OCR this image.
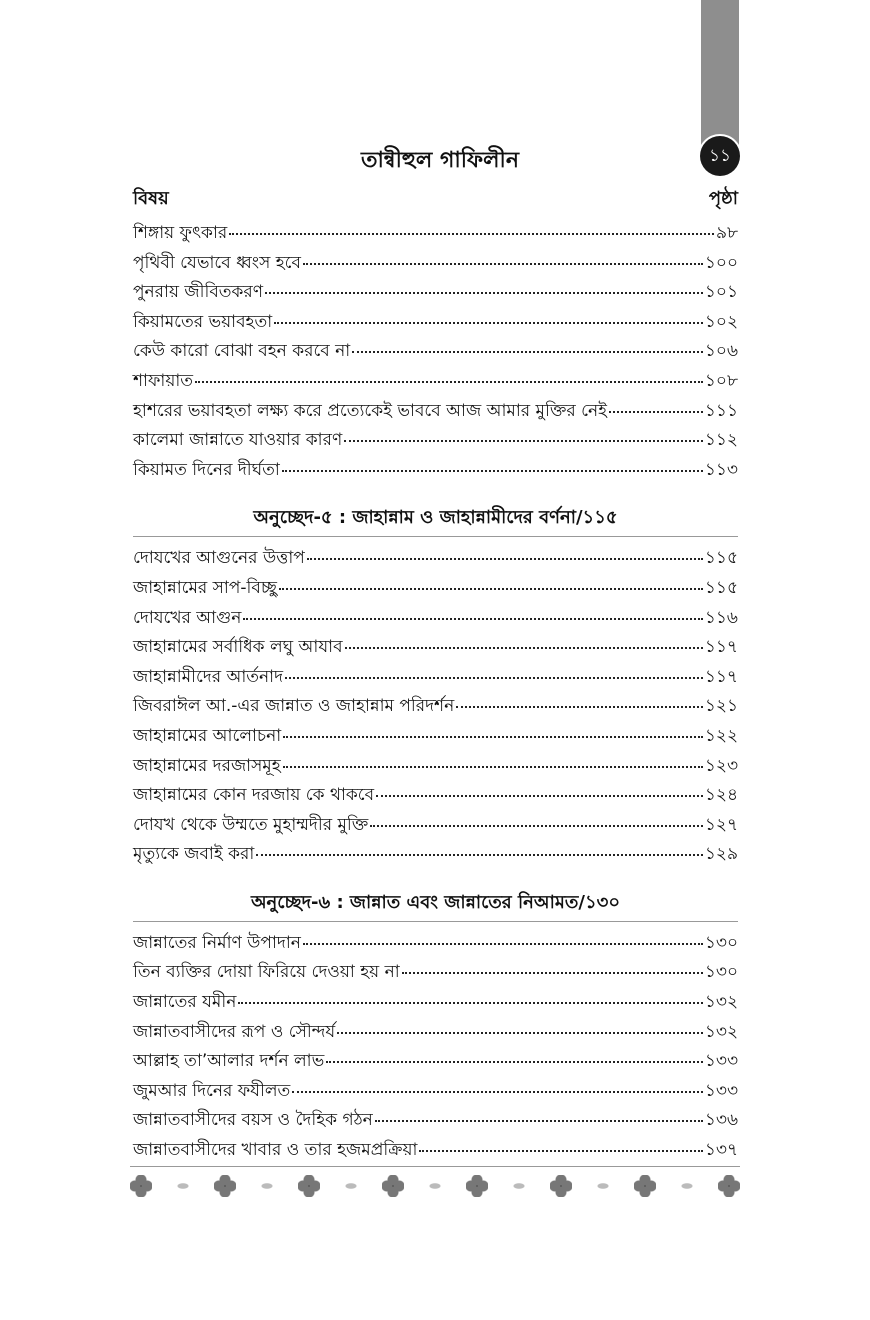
১১
তান্বীহুল গাফিলীন
বিষয়	পৃষ্ঠা
শিঙ্গায় ফুৎকার	৯৮
পৃথিবী যেভাবে ধ্বংস হবে	১০০
পুনরায় জীবিতকরণ	১০১
কিয়ামতের ভয়াবহতা	১০২
কেউ কারো বোঝা বহন করবে না	১০৬
শাফায়াত	১০৮
হাশরের ভয়াবহতা লক্ষ্য করে প্রত্যেকেই ভাববে আজ আমার মুক্তির নেই	১১১
কালেমা জান্নাতে যাওয়ার কারণ	১১২
কিয়ামত দিনের দীর্ঘতা	১১৩
অনুচ্ছেদ-৫ : জাহান্নাম ও জাহান্নামীদের বর্ণনা/১১৫
দোযখের আগুনের উত্তাপ	১১৫
জাহান্নামের সাপ-বিচ্ছু	১১৫
দোযখের আগুন	১১৬
জাহান্নামের সর্বাধিক লঘু আযাব	১১৭
জাহান্নামীদের আর্তনাদ	১১৭
জিবরাঈল আ.-এর জান্নাত ও জাহান্নাম পরিদর্শন	১২১
জাহান্নামের আলোচনা	১২২
জাহান্নামের দরজাসমূহ	১২৩
জাহান্নামের কোন দরজায় কে থাকবে	১২৪
দোযখ থেকে উম্মতে মুহাম্মদীর মুক্তি	১২৭
মৃত্যুকে জবাই করা	১২৯
অনুচ্ছেদ-৬ : জান্নাত এবং জান্নাতের নিআমত/১৩০
জান্নাতের নির্মাণ উপাদান	১৩০
তিন ব্যক্তির দোয়া ফিরিয়ে দেওয়া হয় না	১৩০
জান্নাতের যমীন	১৩২
জান্নাতবাসীদের রূপ ও সৌন্দর্য	১৩২
আল্লাহ তা’আলার দর্শন লাভ	১৩৩
জুমআর দিনের ফযীলত	১৩৩
জান্নাতবাসীদের বয়স ও দৈহিক গঠন	১৩৬
জান্নাতবাসীদের খাবার ও তার হজমপ্রক্রিয়া	১৩৭
